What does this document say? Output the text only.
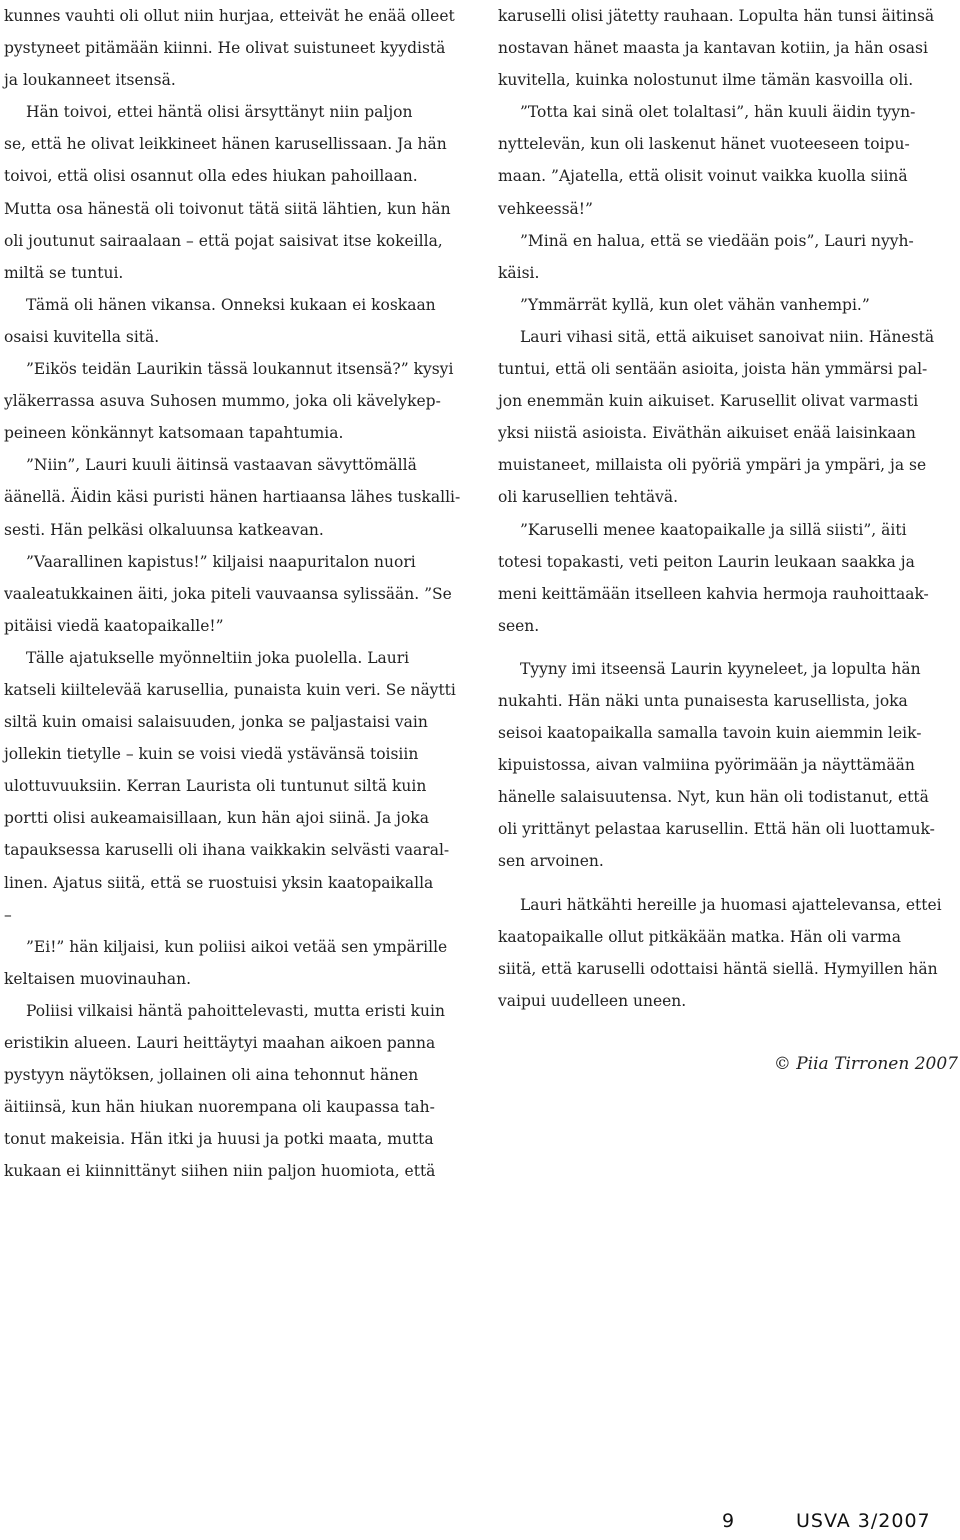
kunnes vauhti oli ollut niin hurjaa, etteivät he enää olleet
pystyneet pitämään kiinni. He olivat suistuneet kyydistä
ja loukanneet itsensä.
Hän toivoi, ettei häntä olisi ärsyttänyt niin paljon
se, että he olivat leikkineet hänen karusellissaan. Ja hän
toivoi, että olisi osannut olla edes hiukan pahoillaan.
Mutta osa hänestä oli toivonut tätä siitä lähtien, kun hän
oli joutunut sairaalaan – että pojat saisivat itse kokeilla,
miltä se tuntui.
Tämä oli hänen vikansa. Onneksi kukaan ei koskaan
osaisi kuvitella sitä.
”Eikös teidän Laurikin tässä loukannut itsensä?” kysyi
yläkerrassa asuva Suhosen mummo, joka oli kävelykep-
peineen könkännyt katsomaan tapahtumia.
”Niin”, Lauri kuuli äitinsä vastaavan sävyttömällä
äänellä. Äidin käsi puristi hänen hartiaansa lähes tuskalli-
sesti. Hän pelkäsi olkaluunsa katkeavan.
”Vaarallinen kapistus!” kiljaisi naapuritalon nuori
vaaleatukkainen äiti, joka piteli vauvaansa sylissään. ”Se
pitäisi viedä kaatopaikalle!”
Tälle ajatukselle myönneltiin joka puolella. Lauri
katseli kiiltelevää karusellia, punaista kuin veri. Se näytti
siltä kuin omaisi salaisuuden, jonka se paljastaisi vain
jollekin tietylle – kuin se voisi viedä ystävänsä toisiin
ulottuvuuksiin. Kerran Laurista oli tuntunut siltä kuin
portti olisi aukeamaisillaan, kun hän ajoi siinä. Ja joka
tapauksessa karuselli oli ihana vaikkakin selvästi vaaral-
linen. Ajatus siitä, että se ruostuisi yksin kaatopaikalla
–
”Ei!” hän kiljaisi, kun poliisi aikoi vetää sen ympärille
keltaisen muovinauhan.
Poliisi vilkaisi häntä pahoittelevasti, mutta eristi kuin
eristikin alueen. Lauri heittäytyi maahan aikoen panna
pystyyn näytöksen, jollainen oli aina tehonnut hänen
äitiinsä, kun hän hiukan nuorempana oli kaupassa tah-
tonut makeisia. Hän itki ja huusi ja potki maata, mutta
kukaan ei kiinnittänyt siihen niin paljon huomiota, että
karuselli olisi jätetty rauhaan. Lopulta hän tunsi äitinsä
nostavan hänet maasta ja kantavan kotiin, ja hän osasi
kuvitella, kuinka nolostunut ilme tämän kasvoilla oli.
”Totta kai sinä olet tolaltasi”, hän kuuli äidin tyyn-
nyttelevän, kun oli laskenut hänet vuoteeseen toipu-
maan. ”Ajatella, että olisit voinut vaikka kuolla siinä
vehkeessä!”
”Minä en halua, että se viedään pois”, Lauri nyyh-
käisi.
”Ymmärrät kyllä, kun olet vähän vanhempi.”
Lauri vihasi sitä, että aikuiset sanoivat niin. Hänestä
tuntui, että oli sentään asioita, joista hän ymmärsi pal-
jon enemmän kuin aikuiset. Karusellit olivat varmasti
yksi niistä asioista. Eiväthän aikuiset enää laisinkaan
muistaneet, millaista oli pyöriä ympäri ja ympäri, ja se
oli karusellien tehtävä.
”Karuselli menee kaatopaikalle ja sillä siisti”, äiti
totesi topakasti, veti peiton Laurin leukaan saakka ja
meni keittämään itselleen kahvia hermoja rauhoittaak-
seen.
Tyyny imi itseensä Laurin kyyneleet, ja lopulta hän
nukahti. Hän näki unta punaisesta karusellista, joka
seisoi kaatopaikalla samalla tavoin kuin aiemmin leik-
kipuistossa, aivan valmiina pyörimään ja näyttämään
hänelle salaisuutensa. Nyt, kun hän oli todistanut, että
oli yrittänyt pelastaa karusellin. Että hän oli luottamuk-
sen arvoinen.
Lauri hätkähti hereille ja huomasi ajattelevansa, ettei
kaatopaikalle ollut pitkäkään matka. Hän oli varma
siitä, että karuselli odottaisi häntä siellä. Hymyillen hän
vaipui uudelleen uneen.
© Piia Tirronen 2007
9	USVA 3/2007
